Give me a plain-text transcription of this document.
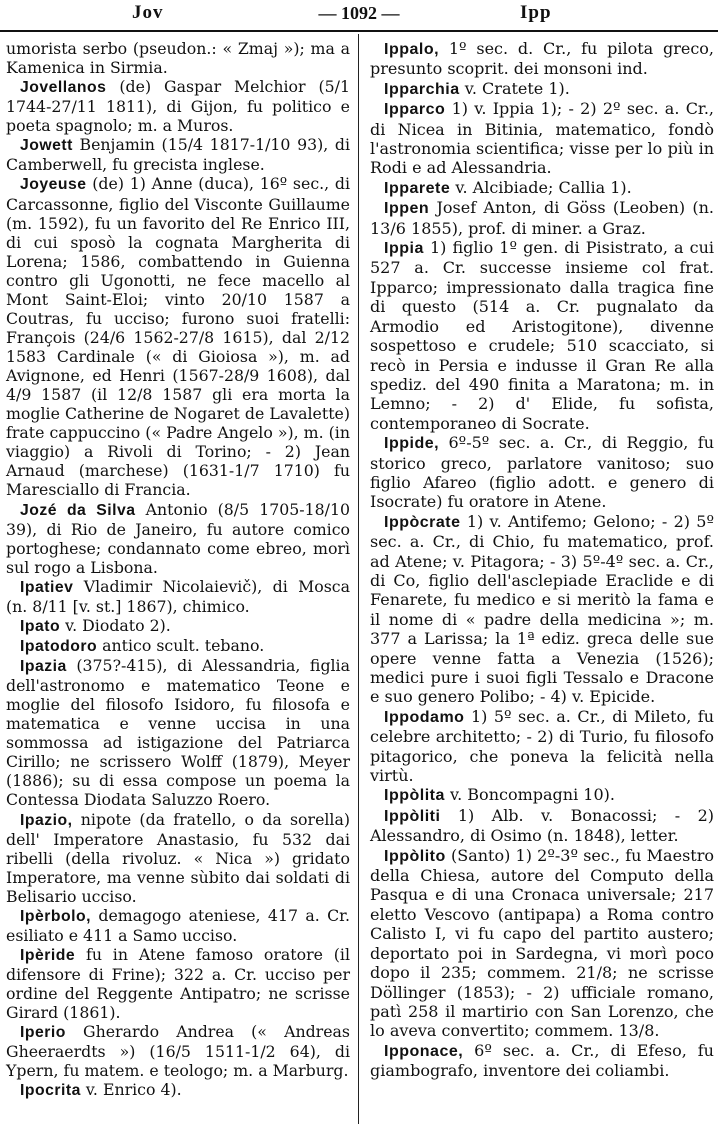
Jov	— 1092 —	Ipp

umorista serbo (pseudon.: « Zmaj »); ma a Kamenica in Sirmia.

Jovellanos (de) Gaspar Melchior (5/1 1744-27/11 1811), di Gijon, fu politico e poeta spagnolo; m. a Muros.

Jowett Benjamin (15/4 1817-1/10 93), di Camberwell, fu grecista inglese.

Joyeuse (de) 1) Anne (duca), 16º sec., di Carcassonne, figlio del Visconte Guillaume (m. 1592), fu un favorito del Re Enrico III, di cui sposò la cognata Margherita di Lorena; 1586, combattendo in Guienna contro gli Ugonotti, ne fece macello al Mont Saint-Eloi; vinto 20/10 1587 a Coutras, fu ucciso; furono suoi fratelli: François (24/6 1562-27/8 1615), dal 2/12 1583 Cardinale (« di Gioiosa »), m. ad Avignone, ed Henri (1567-28/9 1608), dal 4/9 1587 (il 12/8 1587 gli era morta la moglie Catherine de Nogaret de Lavalette) frate cappuccino (« Padre Angelo »), m. (in viaggio) a Rivoli di Torino; - 2) Jean Arnaud (marchese) (1631-1/7 1710) fu Maresciallo di Francia.

Jozé da Silva Antonio (8/5 1705-18/10 39), di Rio de Janeiro, fu autore comico portoghese; condannato come ebreo, morì sul rogo a Lisbona.

Ipatiev Vladimir Nicolaievič), di Mosca (n. 8/11 [v. st.] 1867), chimico.

Ipato v. Diodato 2).

Ipatodoro antico scult. tebano.

Ipazia (375?-415), di Alessandria, figlia dell'astronomo e matematico Teone e moglie del filosofo Isidoro, fu filosofa e matematica e venne uccisa in una sommossa ad istigazione del Patriarca Cirillo; ne scrissero Wolff (1879), Meyer (1886); su di essa compose un poema la Contessa Diodata Saluzzo Roero.

Ipazio, nipote (da fratello, o da sorella) dell' Imperatore Anastasio, fu 532 dai ribelli (della rivoluz. « Nica ») gridato Imperatore, ma venne sùbito dai soldati di Belisario ucciso.

Ipèrbolo, demagogo ateniese, 417 a. Cr. esiliato e 411 a Samo ucciso.

Ipèride fu in Atene famoso oratore (il difensore di Frine); 322 a. Cr. ucciso per ordine del Reggente Antipatro; ne scrisse Girard (1861).

Iperio Gherardo Andrea (« Andreas Gheeraerdts ») (16/5 1511-1/2 64), di Ypern, fu matem. e teologo; m. a Marburg.

Ipocrita v. Enrico 4).

Ippalo, 1º sec. d. Cr., fu pilota greco, presunto scoprit. dei monsoni ind.

Ipparchia v. Cratete 1).

Ipparco 1) v. Ippia 1); - 2) 2º sec. a. Cr., di Nicea in Bitinia, matematico, fondò l'astronomia scientifica; visse per lo più in Rodi e ad Alessandria.

Ipparete v. Alcibiade; Callia 1).

Ippen Josef Anton, di Göss (Leoben) (n. 13/6 1855), prof. di miner. a Graz.

Ippia 1) figlio 1º gen. di Pisistrato, a cui 527 a. Cr. successe insieme col frat. Ipparco; impressionato dalla tragica fine di questo (514 a. Cr. pugnalato da Armodio ed Aristogitone), divenne sospettoso e crudele; 510 scacciato, si recò in Persia e indusse il Gran Re alla spediz. del 490 finita a Maratona; m. in Lemno; - 2) d' Elide, fu sofista, contemporaneo di Socrate.

Ippide, 6º-5º sec. a. Cr., di Reggio, fu storico greco, parlatore vanitoso; suo figlio Afareo (figlio adott. e genero di Isocrate) fu oratore in Atene.

Ippòcrate 1) v. Antifemo; Gelono; - 2) 5º sec. a. Cr., di Chio, fu matematico, prof. ad Atene; v. Pitagora; - 3) 5º-4º sec. a. Cr., di Co, figlio dell'asclepiade Eraclide e di Fenarete, fu medico e si meritò la fama e il nome di « padre della medicina »; m. 377 a Larissa; la 1ª ediz. greca delle sue opere venne fatta a Venezia (1526); medici pure i suoi figli Tessalo e Dracone e suo genero Polibo; - 4) v. Epicide.

Ippodamo 1) 5º sec. a. Cr., di Mileto, fu celebre architetto; - 2) di Turio, fu filosofo pitagorico, che poneva la felicità nella virtù.

Ippòlita v. Boncompagni 10).

Ippòliti 1) Alb. v. Bonacossi; - 2) Alessandro, di Osimo (n. 1848), letter.

Ippòlito (Santo) 1) 2º-3º sec., fu Maestro della Chiesa, autore del Computo della Pasqua e di una Cronaca universale; 217 eletto Vescovo (antipapa) a Roma contro Calisto I, vi fu capo del partito austero; deportato poi in Sardegna, vi morì poco dopo il 235; commem. 21/8; ne scrisse Döllinger (1853); - 2) ufficiale romano, patì 258 il martirio con San Lorenzo, che lo aveva convertito; commem. 13/8.

Ipponace, 6º sec. a. Cr., di Efeso, fu giambografo, inventore dei coliambi.
